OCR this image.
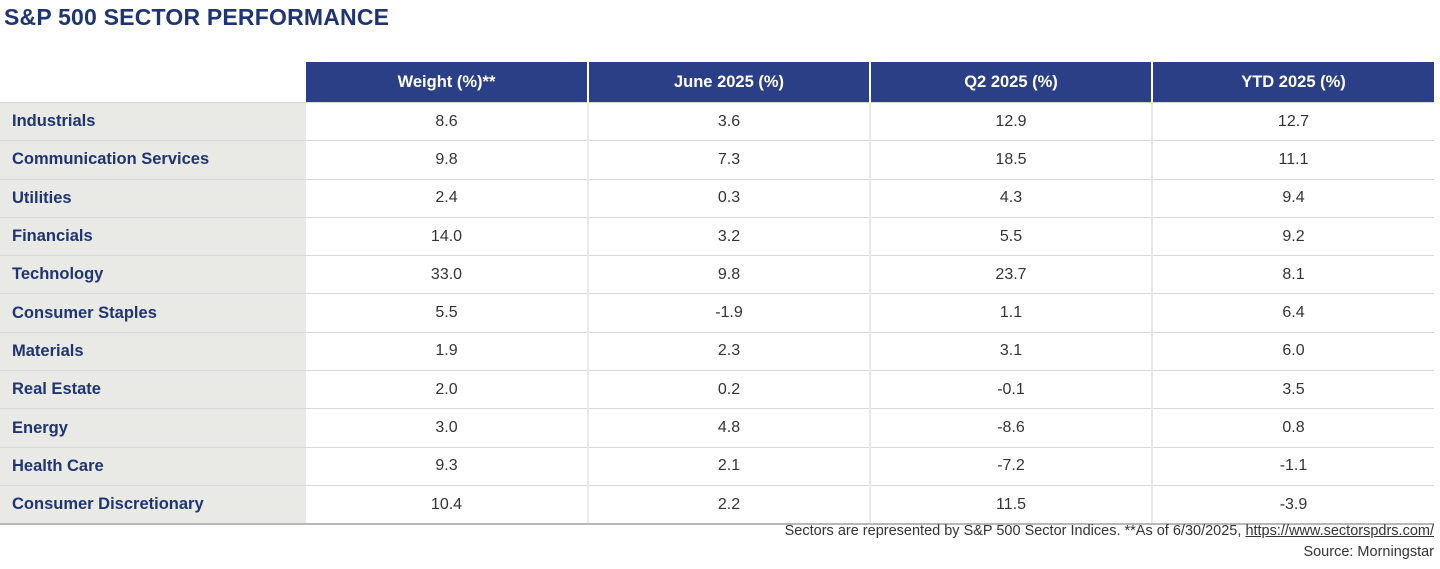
S&P 500 SECTOR PERFORMANCE
	Weight (%)**	June 2025 (%)	Q2 2025 (%)	YTD 2025 (%)
Industrials	8.6	3.6	12.9	12.7
Communication Services	9.8	7.3	18.5	11.1
Utilities	2.4	0.3	4.3	9.4
Financials	14.0	3.2	5.5	9.2
Technology	33.0	9.8	23.7	8.1
Consumer Staples	5.5	-1.9	1.1	6.4
Materials	1.9	2.3	3.1	6.0
Real Estate	2.0	0.2	-0.1	3.5
Energy	3.0	4.8	-8.6	0.8
Health Care	9.3	2.1	-7.2	-1.1
Consumer Discretionary	10.4	2.2	11.5	-3.9
Sectors are represented by S&P 500 Sector Indices. **As of 6/30/2025, https://www.sectorspdrs.com/
Source: Morningstar
